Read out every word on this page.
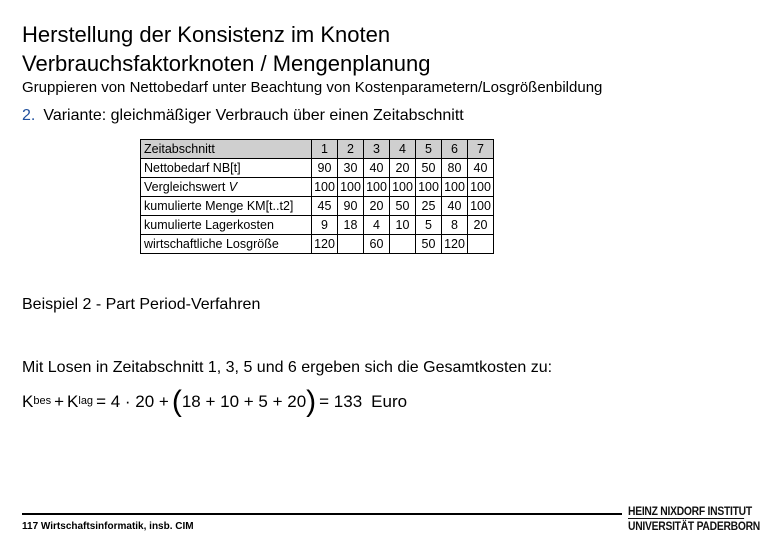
Herstellung der Konsistenz im Knoten
Verbrauchsfaktorknoten / Mengenplanung

Gruppieren von Nettobedarf unter Beachtung von Kostenparametern/Losgrößenbildung

2. Variante: gleichmäßiger Verbrauch über einen Zeitabschnitt
Zeitabschnitt	1	2	3	4	5	6	7
Nettobedarf NB[t]	90	30	40	20	50	80	40
Vergleichswert V	100	100	100	100	100	100	100
kumulierte Menge KM[t..t2]	45	90	20	50	25	40	100
kumulierte Lagerkosten	9	18	4	10	5	8	20
wirtschaftliche Losgröße	120		60		50	120	
Beispiel 2 - Part Period-Verfahren
Mit Losen in Zeitabschnitt 1, 3, 5 und 6 ergeben sich die Gesamtkosten zu:
$K^{bes} + K^{lag} = 4 \cdot 20$ + ( 18 + 10 + 5 + 20 ) = 133 Euro
117 Wirtschaftsinformatik, insb. CIM
HEINZ NIXDORF INSTITUT
UNIVERSITÄT PADERBORN
